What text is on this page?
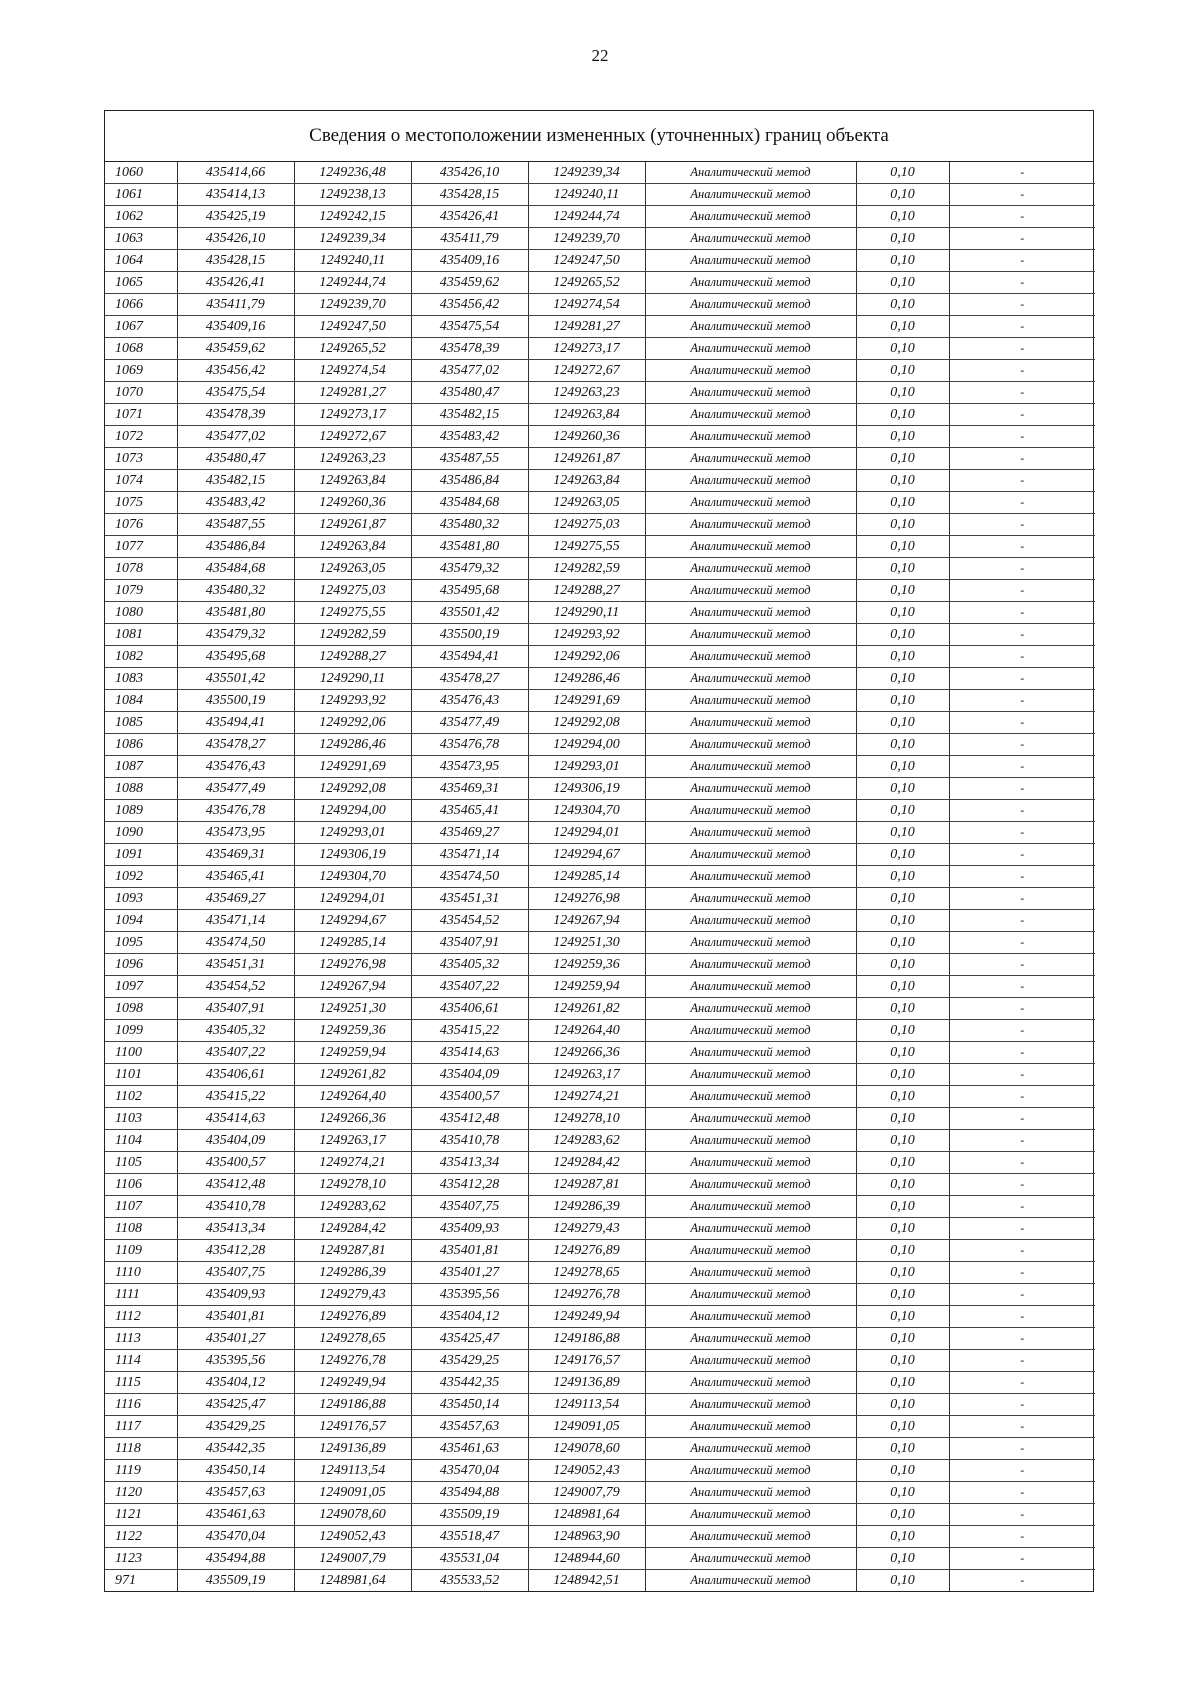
22
Сведения о местоположении измененных (уточненных) границ объекта
1060	435414,66	1249236,48	435426,10	1249239,34	Аналитический метод	0,10	-
1061	435414,13	1249238,13	435428,15	1249240,11	Аналитический метод	0,10	-
1062	435425,19	1249242,15	435426,41	1249244,74	Аналитический метод	0,10	-
1063	435426,10	1249239,34	435411,79	1249239,70	Аналитический метод	0,10	-
1064	435428,15	1249240,11	435409,16	1249247,50	Аналитический метод	0,10	-
1065	435426,41	1249244,74	435459,62	1249265,52	Аналитический метод	0,10	-
1066	435411,79	1249239,70	435456,42	1249274,54	Аналитический метод	0,10	-
1067	435409,16	1249247,50	435475,54	1249281,27	Аналитический метод	0,10	-
1068	435459,62	1249265,52	435478,39	1249273,17	Аналитический метод	0,10	-
1069	435456,42	1249274,54	435477,02	1249272,67	Аналитический метод	0,10	-
1070	435475,54	1249281,27	435480,47	1249263,23	Аналитический метод	0,10	-
1071	435478,39	1249273,17	435482,15	1249263,84	Аналитический метод	0,10	-
1072	435477,02	1249272,67	435483,42	1249260,36	Аналитический метод	0,10	-
1073	435480,47	1249263,23	435487,55	1249261,87	Аналитический метод	0,10	-
1074	435482,15	1249263,84	435486,84	1249263,84	Аналитический метод	0,10	-
1075	435483,42	1249260,36	435484,68	1249263,05	Аналитический метод	0,10	-
1076	435487,55	1249261,87	435480,32	1249275,03	Аналитический метод	0,10	-
1077	435486,84	1249263,84	435481,80	1249275,55	Аналитический метод	0,10	-
1078	435484,68	1249263,05	435479,32	1249282,59	Аналитический метод	0,10	-
1079	435480,32	1249275,03	435495,68	1249288,27	Аналитический метод	0,10	-
1080	435481,80	1249275,55	435501,42	1249290,11	Аналитический метод	0,10	-
1081	435479,32	1249282,59	435500,19	1249293,92	Аналитический метод	0,10	-
1082	435495,68	1249288,27	435494,41	1249292,06	Аналитический метод	0,10	-
1083	435501,42	1249290,11	435478,27	1249286,46	Аналитический метод	0,10	-
1084	435500,19	1249293,92	435476,43	1249291,69	Аналитический метод	0,10	-
1085	435494,41	1249292,06	435477,49	1249292,08	Аналитический метод	0,10	-
1086	435478,27	1249286,46	435476,78	1249294,00	Аналитический метод	0,10	-
1087	435476,43	1249291,69	435473,95	1249293,01	Аналитический метод	0,10	-
1088	435477,49	1249292,08	435469,31	1249306,19	Аналитический метод	0,10	-
1089	435476,78	1249294,00	435465,41	1249304,70	Аналитический метод	0,10	-
1090	435473,95	1249293,01	435469,27	1249294,01	Аналитический метод	0,10	-
1091	435469,31	1249306,19	435471,14	1249294,67	Аналитический метод	0,10	-
1092	435465,41	1249304,70	435474,50	1249285,14	Аналитический метод	0,10	-
1093	435469,27	1249294,01	435451,31	1249276,98	Аналитический метод	0,10	-
1094	435471,14	1249294,67	435454,52	1249267,94	Аналитический метод	0,10	-
1095	435474,50	1249285,14	435407,91	1249251,30	Аналитический метод	0,10	-
1096	435451,31	1249276,98	435405,32	1249259,36	Аналитический метод	0,10	-
1097	435454,52	1249267,94	435407,22	1249259,94	Аналитический метод	0,10	-
1098	435407,91	1249251,30	435406,61	1249261,82	Аналитический метод	0,10	-
1099	435405,32	1249259,36	435415,22	1249264,40	Аналитический метод	0,10	-
1100	435407,22	1249259,94	435414,63	1249266,36	Аналитический метод	0,10	-
1101	435406,61	1249261,82	435404,09	1249263,17	Аналитический метод	0,10	-
1102	435415,22	1249264,40	435400,57	1249274,21	Аналитический метод	0,10	-
1103	435414,63	1249266,36	435412,48	1249278,10	Аналитический метод	0,10	-
1104	435404,09	1249263,17	435410,78	1249283,62	Аналитический метод	0,10	-
1105	435400,57	1249274,21	435413,34	1249284,42	Аналитический метод	0,10	-
1106	435412,48	1249278,10	435412,28	1249287,81	Аналитический метод	0,10	-
1107	435410,78	1249283,62	435407,75	1249286,39	Аналитический метод	0,10	-
1108	435413,34	1249284,42	435409,93	1249279,43	Аналитический метод	0,10	-
1109	435412,28	1249287,81	435401,81	1249276,89	Аналитический метод	0,10	-
1110	435407,75	1249286,39	435401,27	1249278,65	Аналитический метод	0,10	-
1111	435409,93	1249279,43	435395,56	1249276,78	Аналитический метод	0,10	-
1112	435401,81	1249276,89	435404,12	1249249,94	Аналитический метод	0,10	-
1113	435401,27	1249278,65	435425,47	1249186,88	Аналитический метод	0,10	-
1114	435395,56	1249276,78	435429,25	1249176,57	Аналитический метод	0,10	-
1115	435404,12	1249249,94	435442,35	1249136,89	Аналитический метод	0,10	-
1116	435425,47	1249186,88	435450,14	1249113,54	Аналитический метод	0,10	-
1117	435429,25	1249176,57	435457,63	1249091,05	Аналитический метод	0,10	-
1118	435442,35	1249136,89	435461,63	1249078,60	Аналитический метод	0,10	-
1119	435450,14	1249113,54	435470,04	1249052,43	Аналитический метод	0,10	-
1120	435457,63	1249091,05	435494,88	1249007,79	Аналитический метод	0,10	-
1121	435461,63	1249078,60	435509,19	1248981,64	Аналитический метод	0,10	-
1122	435470,04	1249052,43	435518,47	1248963,90	Аналитический метод	0,10	-
1123	435494,88	1249007,79	435531,04	1248944,60	Аналитический метод	0,10	-
971	435509,19	1248981,64	435533,52	1248942,51	Аналитический метод	0,10	-
